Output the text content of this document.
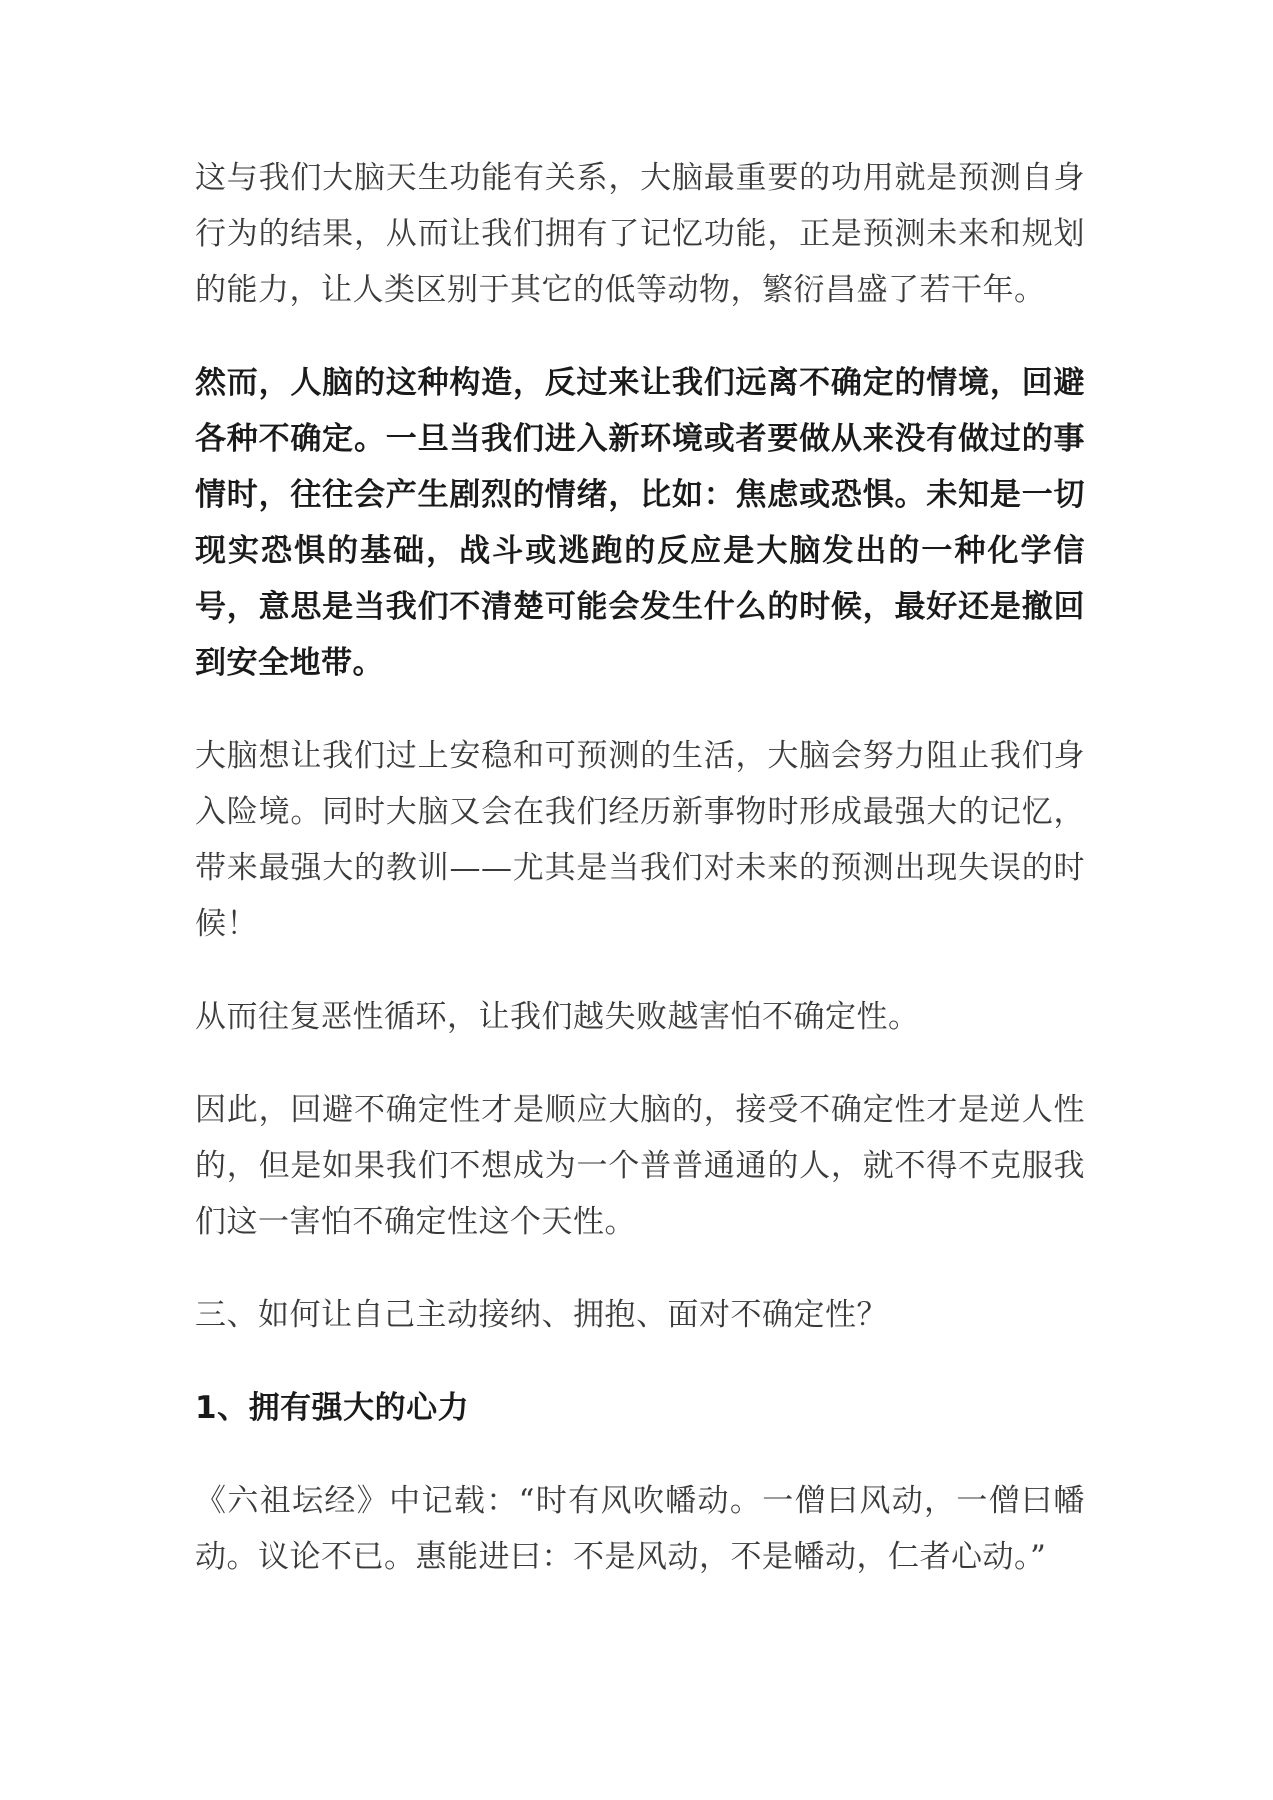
这与我们大脑天生功能有关系，大脑最重要的功用就是预测自身行为的结果，从而让我们拥有了记忆功能，正是预测未来和规划的能力，让人类区别于其它的低等动物，繁衍昌盛了若干年。

然而，人脑的这种构造，反过来让我们远离不确定的情境，回避各种不确定。一旦当我们进入新环境或者要做从来没有做过的事情时，往往会产生剧烈的情绪，比如：焦虑或恐惧。未知是一切现实恐惧的基础，战斗或逃跑的反应是大脑发出的一种化学信号，意思是当我们不清楚可能会发生什么的时候，最好还是撤回到安全地带。

大脑想让我们过上安稳和可预测的生活，大脑会努力阻止我们身入险境。同时大脑又会在我们经历新事物时形成最强大的记忆，带来最强大的教训——尤其是当我们对未来的预测出现失误的时候！

从而往复恶性循环，让我们越失败越害怕不确定性。

因此，回避不确定性才是顺应大脑的，接受不确定性才是逆人性的，但是如果我们不想成为一个普普通通的人，就不得不克服我们这一害怕不确定性这个天性。

三、如何让自己主动接纳、拥抱、面对不确定性？

1、拥有强大的心力

《六祖坛经》中记载：“时有风吹幡动。一僧曰风动，一僧曰幡动。议论不已。惠能进曰：不是风动，不是幡动，仁者心动。”
